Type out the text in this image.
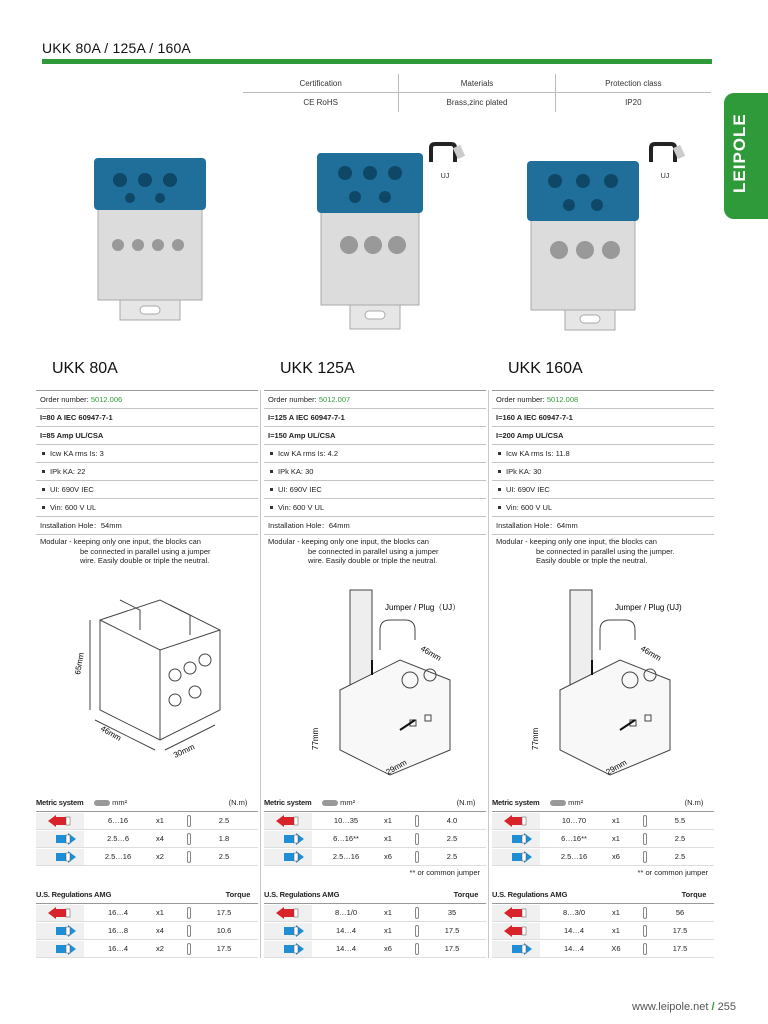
UKK 80A / 125A / 160A
LEIPOLE
Certification	Materials	Protection class
CE RoHS	Brass,zinc plated	IP20
UJ	UJ
UKK 80A	UKK 125A	UKK 160A
Order number: 5012.006
I=80 A IEC 60947-7-1
I=85 Amp UL/CSA
Icw KA rms Is: 3
IPk KA: 22
UI: 690V IEC
Vin: 600 V UL
Installation Hole：54mm
Modular - keeping only one input, the blocks can
be connected in parallel using a jumper
wire. Easily double or triple the neutral.
Order number: 5012.007
I=125 A IEC 60947-7-1
I=150 Amp UL/CSA
Icw KA rms Is: 4.2
IPk KA: 30
UI: 690V IEC
Vin: 600 V UL
Installation Hole：64mm
Modular - keeping only one input, the blocks can
be connected in parallel using a jumper
wire. Easily double or triple the neutral.
Order number: 5012.008
I=160 A IEC 60947-7-1
I=200 Amp UL/CSA
Icw KA rms Is: 11.8
IPk KA: 30
UI: 690V IEC
Vin: 600 V UL
Installation Hole：64mm
Modular - keeping only one input, the blocks can
be connected in parallel using the jumper.
Easily double or triple the neutral.
65mm
46mm
30mm
Jumper / Plug（UJ）
46mm
77mm
29mm
Jumper / Plug (UJ)
46mm
77mm
29mm
Metric system	mm²	(N.m)
6…16	x1	2.5
2.5…6	x4	1.8
2.5…16	x2	2.5
Metric system	mm²	(N.m)
10…35	x1	4.0
6…16**	x1	2.5
2.5…16	x6	2.5
** or common jumper
Metric system	mm²	(N.m)
10…70	x1	5.5
6…16**	x1	2.5
2.5…16	x6	2.5
** or common jumper
U.S. Regulations AMG	Torque
16…4	x1	17.5
16…8	x4	10.6
16…4	x2	17.5
U.S. Regulations AMG	Torque
8…1/0	x1	35
14…4	x1	17.5
14…4	x6	17.5
U.S. Regulations AMG	Torque
8…3/0	x1	56
14…4	x1	17.5
14…4	X6	17.5
www.leipole.net / 255
